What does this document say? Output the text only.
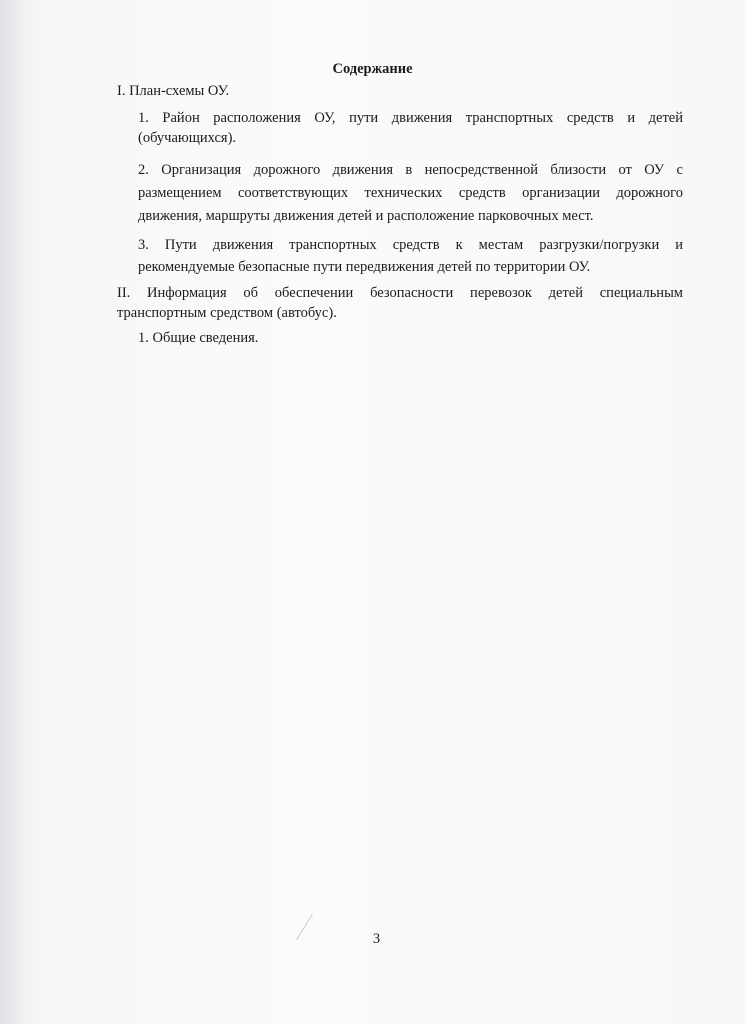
Содержание
I. План-схемы ОУ.
1. Район расположения ОУ, пути движения транспортных средств и детей
(обучающихся).
2. Организация дорожного движения в непосредственной близости от ОУ с
размещением соответствующих технических средств организации дорожного
движения, маршруты движения детей и расположение парковочных мест.
3. Пути движения транспортных средств к местам разгрузки/погрузки и
рекомендуемые безопасные пути передвижения детей по территории ОУ.
II. Информация об обеспечении безопасности перевозок детей специальным
транспортным средством (автобус).
1. Общие сведения.
3
